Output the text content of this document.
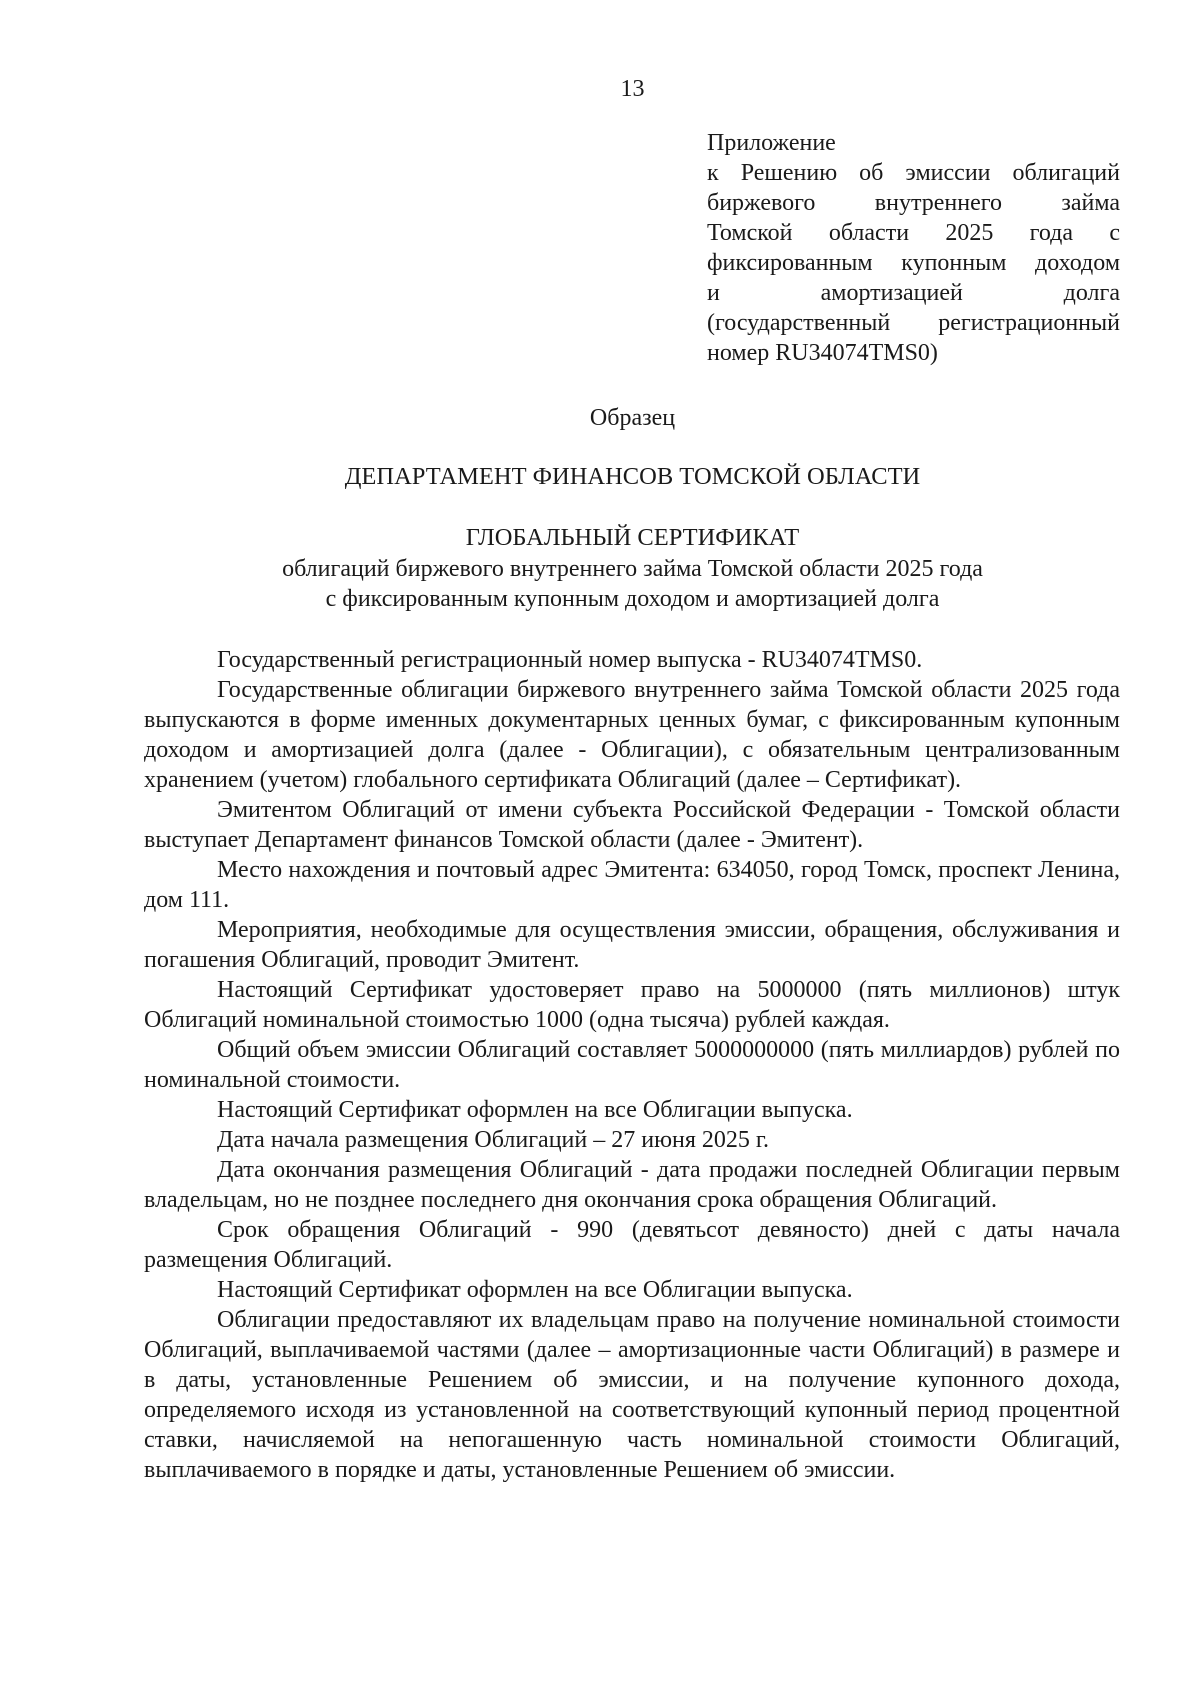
13
Приложение
к Решению об эмиссии облигаций
биржевого внутреннего займа
Томской области 2025 года с
фиксированным купонным доходом
и амортизацией долга
(государственный регистрационный
номер RU34074TMS0)
Образец
ДЕПАРТАМЕНТ ФИНАНСОВ ТОМСКОЙ ОБЛАСТИ
ГЛОБАЛЬНЫЙ СЕРТИФИКАТ
облигаций биржевого внутреннего займа Томской области 2025 года
с фиксированным купонным доходом и амортизацией долга

Государственный регистрационный номер выпуска - RU34074TMS0.

Государственные облигации биржевого внутреннего займа Томской области 2025 года выпускаются в форме именных документарных ценных бумаг, с фиксированным купонным доходом и амортизацией долга (далее - Облигации), с обязательным централизованным хранением (учетом) глобального сертификата Облигаций (далее – Сертификат).

Эмитентом Облигаций от имени субъекта Российской Федерации - Томской области выступает Департамент финансов Томской области (далее - Эмитент).

Место нахождения и почтовый адрес Эмитента: 634050, город Томск, проспект Ленина, дом 111.

Мероприятия, необходимые для осуществления эмиссии, обращения, обслуживания и погашения Облигаций, проводит Эмитент.

Настоящий Сертификат удостоверяет право на 5000000 (пять миллионов) штук Облигаций номинальной стоимостью 1000 (одна тысяча) рублей каждая.

Общий объем эмиссии Облигаций составляет 5000000000 (пять миллиардов) рублей по номинальной стоимости.

Настоящий Сертификат оформлен на все Облигации выпуска.

Дата начала размещения Облигаций – 27 июня 2025 г.

Дата окончания размещения Облигаций - дата продажи последней Облигации первым владельцам, но не позднее последнего дня окончания срока обращения Облигаций.

Срок обращения Облигаций - 990 (девятьсот девяносто) дней с даты начала размещения Облигаций.

Настоящий Сертификат оформлен на все Облигации выпуска.

Облигации предоставляют их владельцам право на получение номинальной стоимости Облигаций, выплачиваемой частями (далее – амортизационные части Облигаций) в размере и в даты, установленные Решением об эмиссии, и на получение купонного дохода, определяемого исходя из установленной на соответствующий купонный период процентной ставки, начисляемой на непогашенную часть номинальной стоимости Облигаций, выплачиваемого в порядке и даты, установленные Решением об эмиссии.
